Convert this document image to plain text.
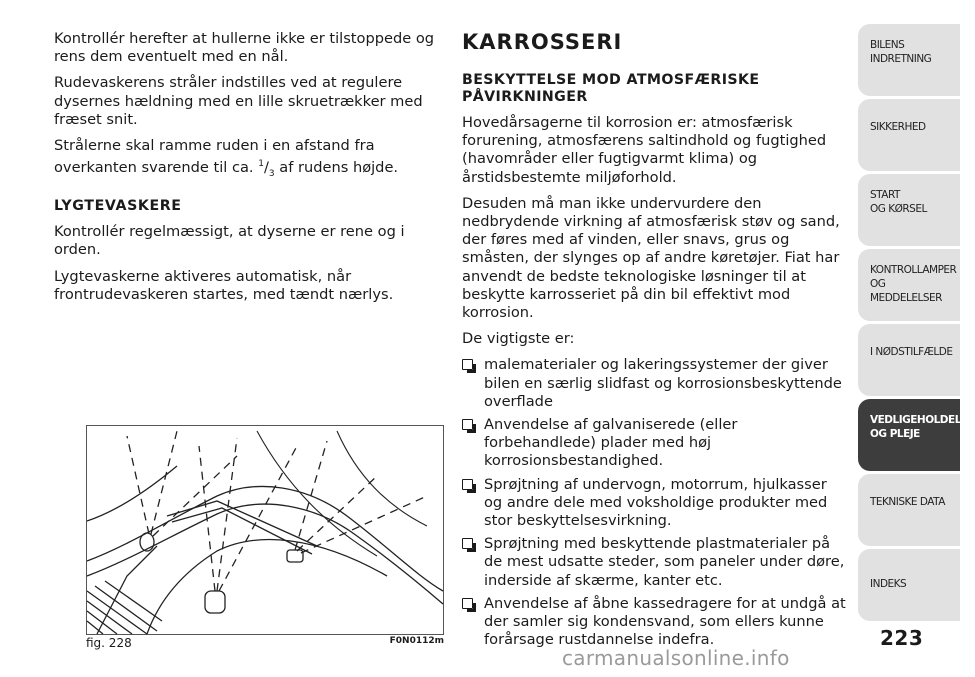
Kontrollér herefter at hullerne ikke er tilstoppede og rens dem eventuelt med en nål.

Rudevaskerens stråler indstilles ved at regulere dysernes hældning med en lille skruetrækker med fræset snit.

Strålerne skal ramme ruden i en afstand fra overkanten svarende til ca. $^1/_3$ af rudens højde.

LYGTEVASKERE

Kontrollér regelmæssigt, at dyserne er rene og i orden.

Lygtevaskerne aktiveres automatisk, når frontrudevaskeren startes, med tændt nærlys.

fig. 228	F0N0112m
KARROSSERI
BESKYTTELSE MOD ATMOSFÆRISKE PÅVIRKNINGER

Hovedårsagerne til korrosion er: atmosfærisk forurening, atmosfærens saltindhold og fugtighed (havområder eller fugtigvarmt klima) og årstidsbestemte miljøforhold.

Desuden må man ikke undervurdere den nedbrydende virkning af atmosfærisk støv og sand, der føres med af vinden, eller snavs, grus og småsten, der slynges op af andre køretøjer. Fiat har anvendt de bedste teknologiske løsninger til at beskytte karrosseriet på din bil effektivt mod korrosion.

De vigtigste er:

malematerialer og lakeringssystemer der giver bilen en særlig slidfast og korrosionsbeskyttende overflade
Anvendelse af galvaniserede (eller forbehandlede) plader med høj korrosionsbestandighed.
Sprøjtning af undervogn, motorrum, hjulkasser og andre dele med voksholdige produkter med stor beskyttelsesvirkning.
Sprøjtning med beskyttende plastmaterialer på de mest udsatte steder, som paneler under døre, inderside af skærme, kanter etc.
Anvendelse af åbne kassedragere for at undgå at der samler sig kondensvand, som ellers kunne forårsage rustdannelse indefra.
BILENS
INDRETNING
SIKKERHED
START
OG KØRSEL
KONTROLLAMPER
OG MEDDELELSER
I NØDSTILFÆLDE
VEDLIGEHOLDELSE
OG PLEJE
TEKNISKE DATA
INDEKS
223
carmanualsonline.info
